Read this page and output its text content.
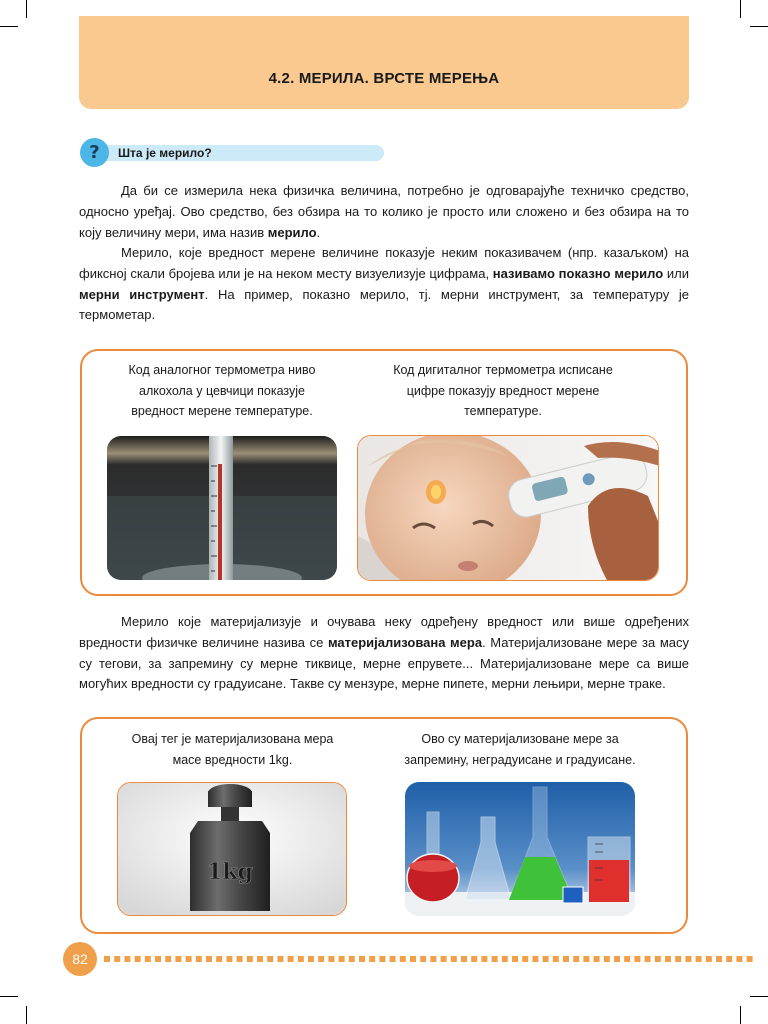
4.2. МЕРИЛА. ВРСТЕ МЕРЕЊА
?	Шта је мерило?
Да би се измерила нека физичка величина, потребно је одговарајуће техничко средство, односно уређај. Ово средство, без обзира на то колико је просто или сложено и без обзира на то коју величину мери, има назив мерило.
Мерило, које вредност мерене величине показује неким показивачем (нпр. казаљком) на фиксној скали бројева или је на неком месту визуелизује цифрама, називамо показно мерило или мерни инструмент. На пример, показно мерило, тј. мерни инструмент, за температуру је термометар.
Код аналогног термометра ниво алкохола у цевчици показује вредност мерене температуре.
Код дигиталног термометра исписане цифре показују вредност мерене температуре.
Мерило које материјализује и очувава неку одређену вредност или више одређених вредности физичке величине назива се материјализована мера. Материјализоване мере за масу су тегови, за запремину су мерне тиквице, мерне епрувете... Материјализоване мере са више могућих вредности су градуисане. Такве су мензуре, мерне пипете, мерни лењири, мерне траке.
Овај тег је материјализована мера масе вредности 1kg.
Ово су материјализоване мере за запремину, неградуисане и градуисане.
1kg
82
